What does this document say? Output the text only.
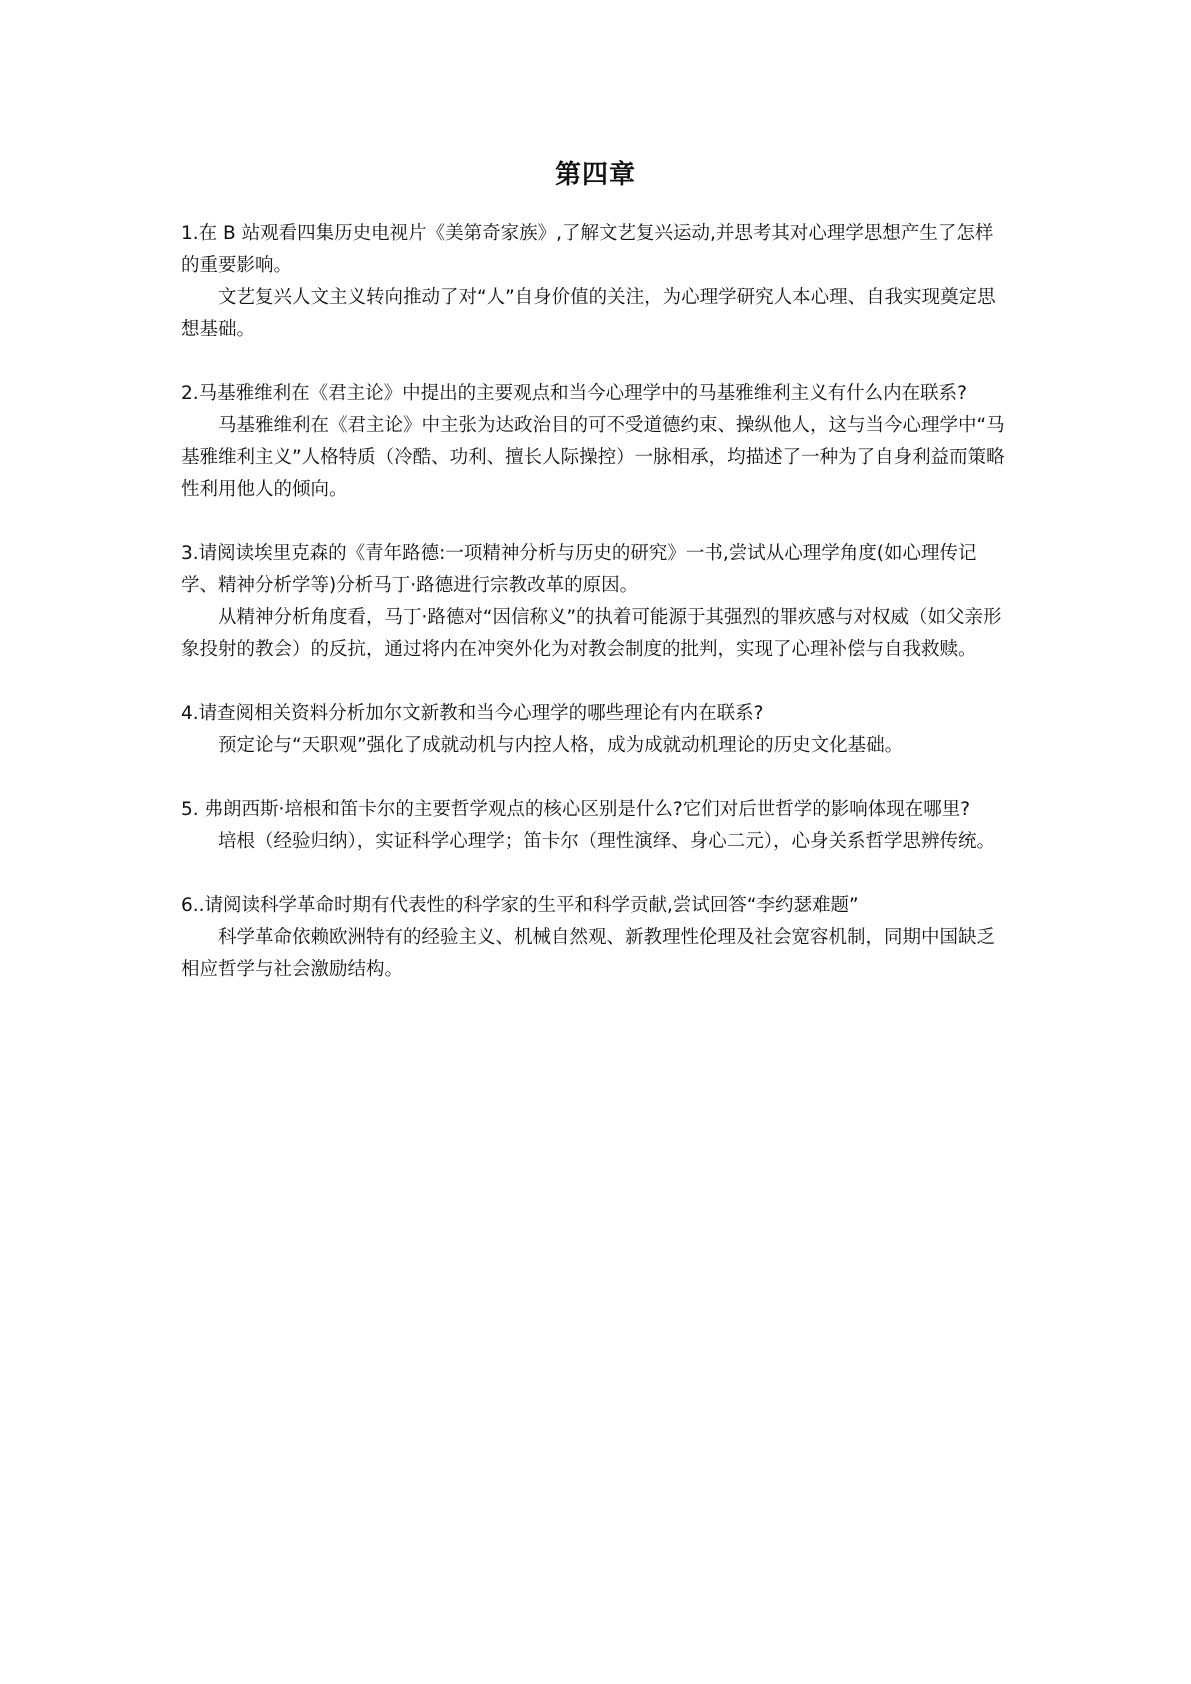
第四章

1.在 B 站观看四集历史电视片《美第奇家族》,了解文艺复兴运动,并思考其对心理学思想产生了怎样的重要影响。

文艺复兴人文主义转向推动了对“人”自身价值的关注，为心理学研究人本心理、自我实现奠定思想基础。

2.马基雅维利在《君主论》中提出的主要观点和当今心理学中的马基雅维利主义有什么内在联系?

马基雅维利在《君主论》中主张为达政治目的可不受道德约束、操纵他人，这与当今心理学中“马基雅维利主义”人格特质（冷酷、功利、擅长人际操控）一脉相承，均描述了一种为了自身利益而策略性利用他人的倾向。

3.请阅读埃里克森的《青年路德:一项精神分析与历史的研究》一书,尝试从心理学角度(如心理传记学、精神分析学等)分析马丁·路德进行宗教改革的原因。

从精神分析角度看，马丁·路德对“因信称义”的执着可能源于其强烈的罪疚感与对权威（如父亲形象投射的教会）的反抗，通过将内在冲突外化为对教会制度的批判，实现了心理补偿与自我救赎。

4.请查阅相关资料分析加尔文新教和当今心理学的哪些理论有内在联系?

预定论与“天职观”强化了成就动机与内控人格，成为成就动机理论的历史文化基础。

5. 弗朗西斯·培根和笛卡尔的主要哲学观点的核心区别是什么?它们对后世哲学的影响体现在哪里?

培根（经验归纳），实证科学心理学；笛卡尔（理性演绎、身心二元），心身关系哲学思辨传统。

6..请阅读科学革命时期有代表性的科学家的生平和科学贡献,尝试回答“李约瑟难题”

科学革命依赖欧洲特有的经验主义、机械自然观、新教理性伦理及社会宽容机制，同期中国缺乏相应哲学与社会激励结构。
